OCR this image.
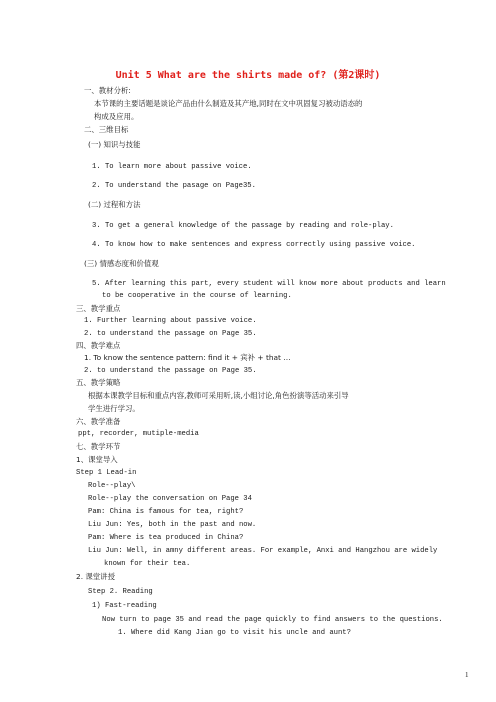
Unit 5 What are the shirts made of? (第2课时)
一、教材分析:
本节课的主要话题是谈论产品由什么制造及其产地,同时在文中巩固复习被动语态的
构成及应用。
二、三维目标
(一) 知识与技能
1. To learn more about passive voice.
2. To understand the pasage on Page35.
(二) 过程和方法
3. To get a general knowledge of the passage by reading and role-play.
4. To know how to make sentences and express correctly using passive voice.
(三) 情感态度和价值观
5. After learning this part, every student will know more about products and learn
to be cooperative in the course of learning.
三、教学重点
1. Further learning about passive voice.
2. to understand the passage on Page 35.
四、教学难点
1. To know the sentence pattern: find it + 宾补 + that …
2. to understand the passage on Page 35.
五、教学策略
根据本课教学目标和重点内容,教师可采用听,读,小组讨论,角色扮演等活动来引导
学生进行学习。
六、教学准备
ppt, recorder, mutiple-media
七、教学环节
1、课堂导入
Step 1 Lead-in
Role--play\
Role--play the conversation on Page 34
Pam: China is famous for tea, right?
Liu Jun: Yes, both in the past and now.
Pam: Where is tea produced in China?
Liu Jun: Well, in amny different areas. For example, Anxi and Hangzhou are widely
known for their tea.
2. 课堂讲授
Step 2. Reading
1) Fast-reading
Now turn to page 35 and read the page quickly to find answers to the questions.
1. Where did Kang Jian go to visit his uncle and aunt?
1
